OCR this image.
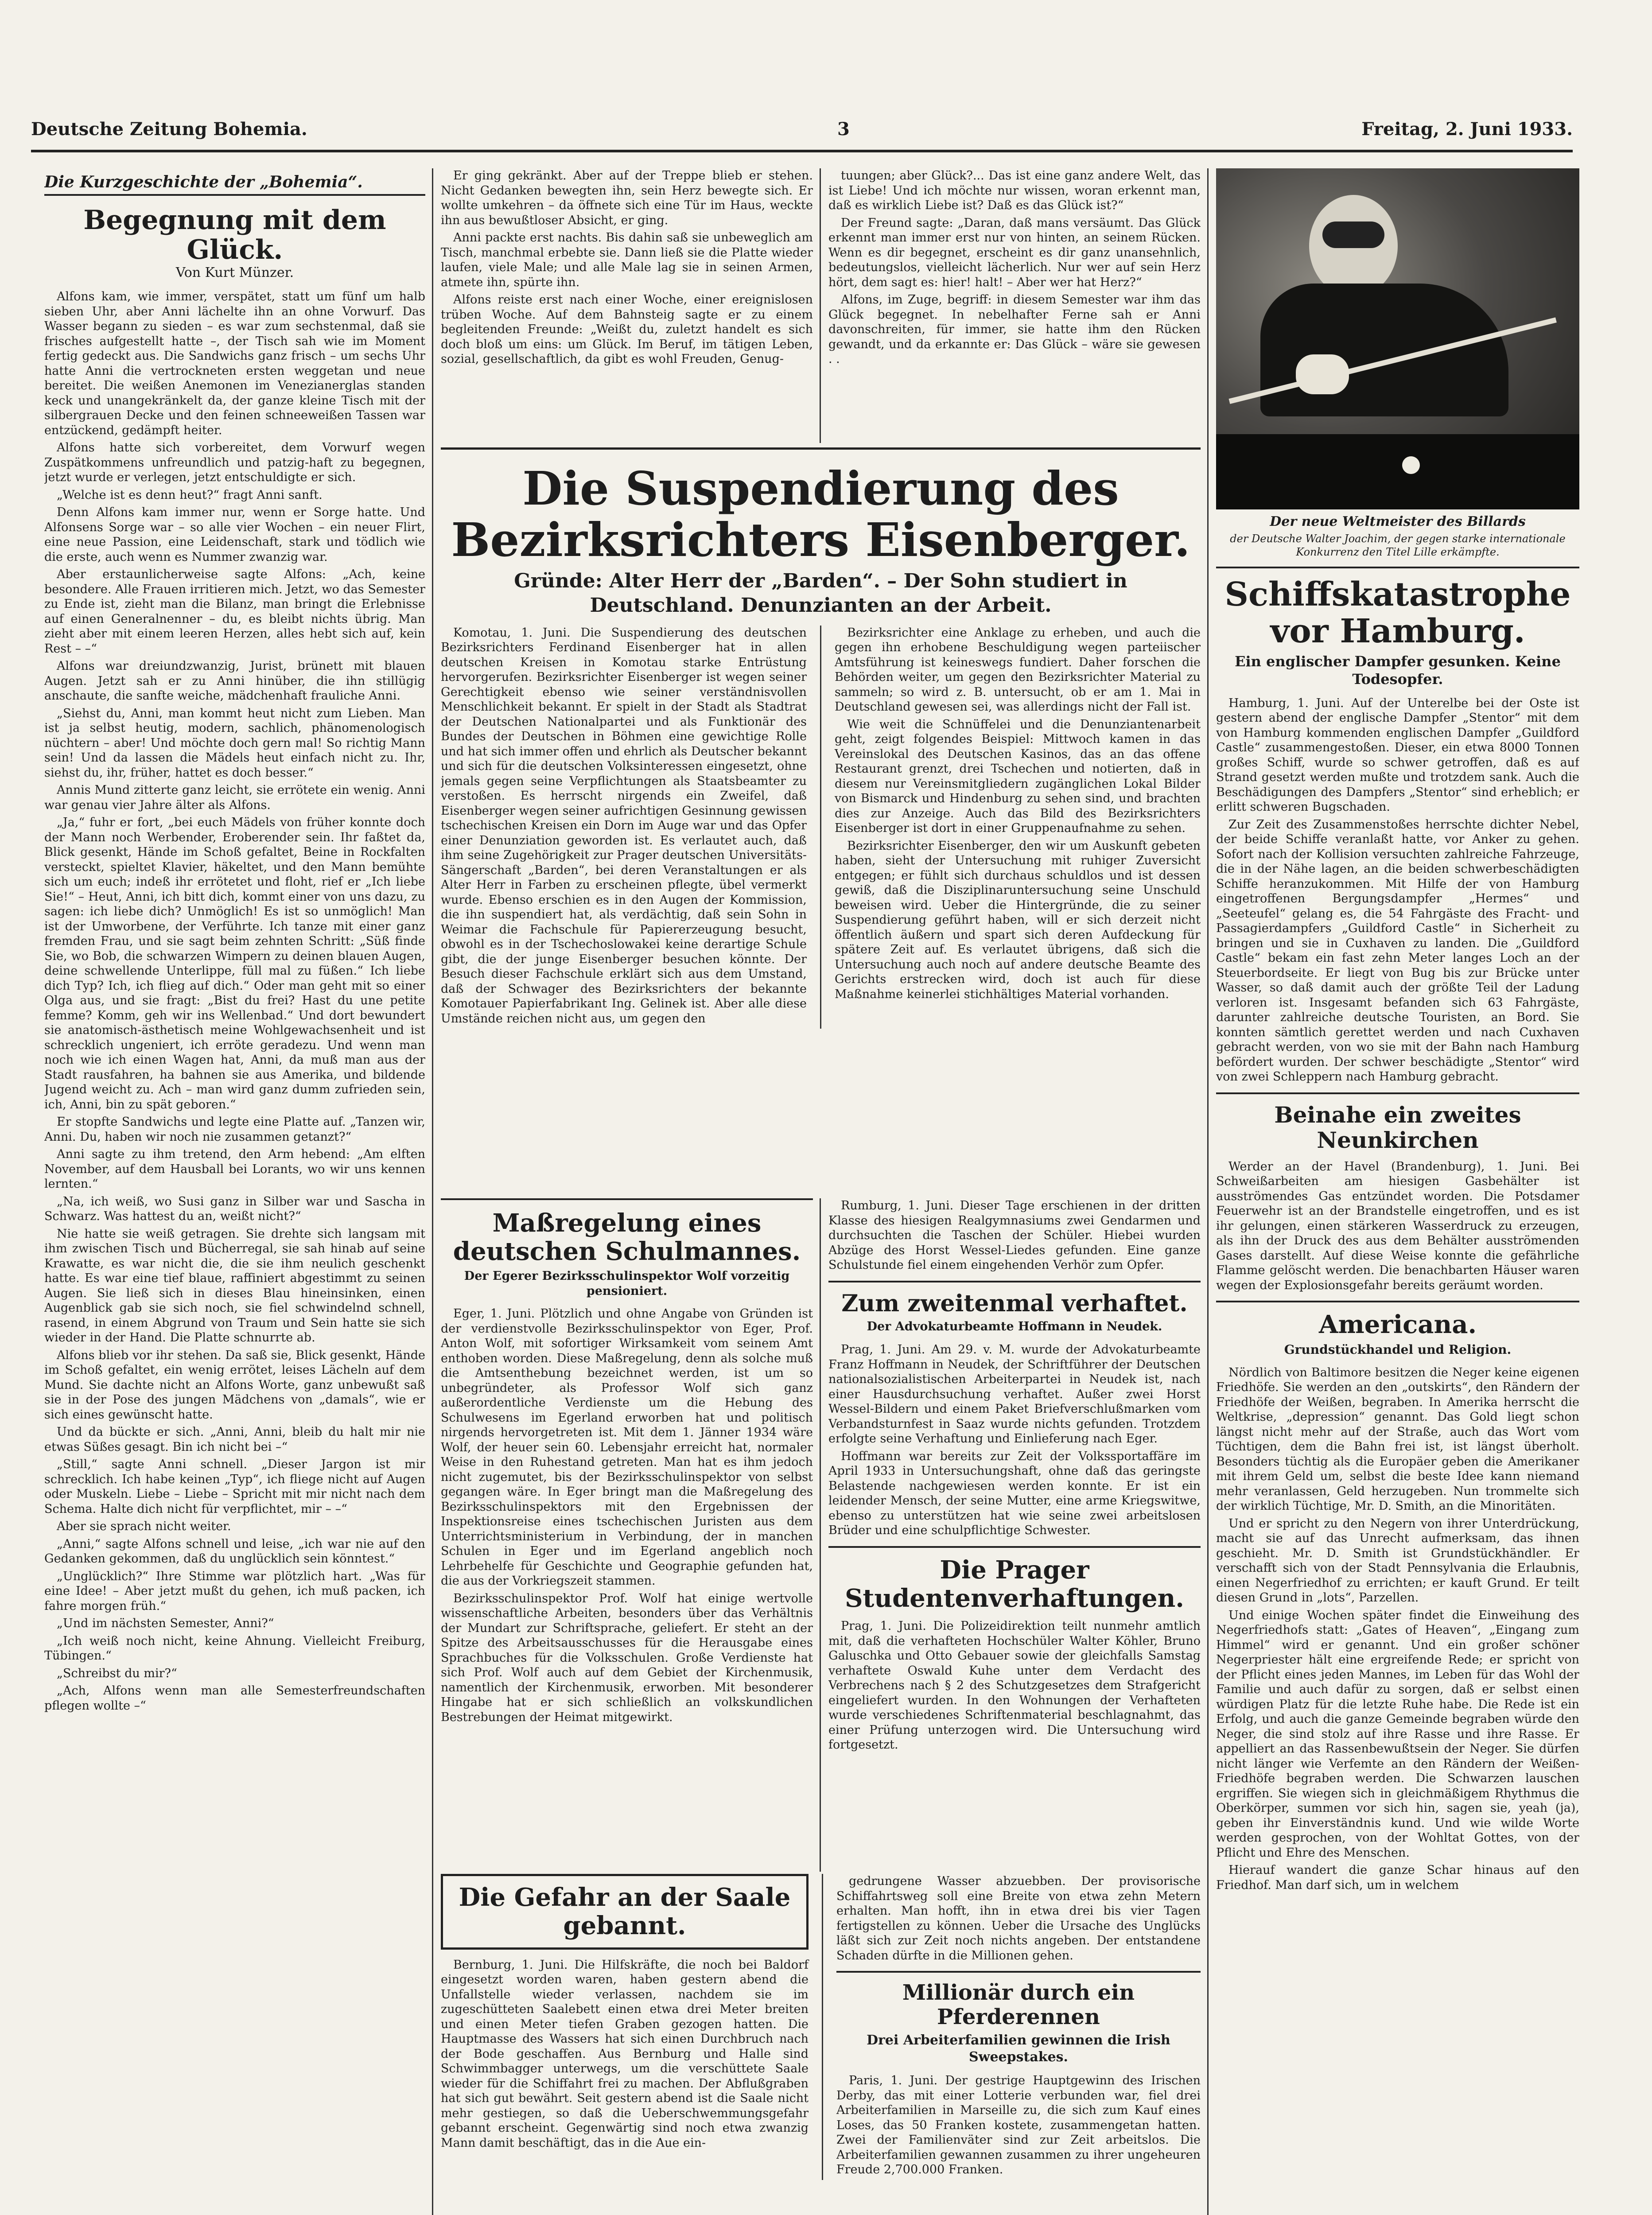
Deutsche Zeitung Bohemia.	3	Freitag, 2. Juni 1933.
Die Kurzgeschichte der „Bohemia“.
Begegnung mit dem Glück.
Von Kurt Münzer.

Alfons kam, wie immer, verspätet, statt um fünf um halb sieben Uhr, aber Anni lächelte ihn an ohne Vorwurf. Das Wasser begann zu sieden – es war zum sechstenmal, daß sie frisches aufgestellt hatte –, der Tisch sah wie im Moment fertig gedeckt aus. Die Sandwichs ganz frisch – um sechs Uhr hatte Anni die vertrockneten ersten weggetan und neue bereitet. Die weißen Anemonen im Venezianerglas standen keck und unangekränkelt da, der ganze kleine Tisch mit der silbergrauen Decke und den feinen schneeweißen Tassen war entzückend, gedämpft heiter.

Alfons hatte sich vorbereitet, dem Vorwurf wegen Zuspätkommens unfreundlich und patzig-haft zu begegnen, jetzt wurde er verlegen, jetzt entschuldigte er sich.

„Welche ist es denn heut?“ fragt Anni sanft.

Denn Alfons kam immer nur, wenn er Sorge hatte. Und Alfonsens Sorge war – so alle vier Wochen – ein neuer Flirt, eine neue Passion, eine Leidenschaft, stark und tödlich wie die erste, auch wenn es Nummer zwanzig war.

Aber erstaunlicherweise sagte Alfons: „Ach, keine besondere. Alle Frauen irritieren mich. Jetzt, wo das Semester zu Ende ist, zieht man die Bilanz, man bringt die Erlebnisse auf einen Generalnenner – du, es bleibt nichts übrig. Man zieht aber mit einem leeren Herzen, alles hebt sich auf, kein Rest – –“

Alfons war dreiundzwanzig, Jurist, brünett mit blauen Augen. Jetzt sah er zu Anni hinüber, die ihn stillügig anschaute, die sanfte weiche, mädchenhaft frauliche Anni.

„Siehst du, Anni, man kommt heut nicht zum Lieben. Man ist ja selbst heutig, modern, sachlich, phänomenologisch nüchtern – aber! Und möchte doch gern mal! So richtig Mann sein! Und da lassen die Mädels heut einfach nicht zu. Ihr, siehst du, ihr, früher, hattet es doch besser.“

Annis Mund zitterte ganz leicht, sie errötete ein wenig. Anni war genau vier Jahre älter als Alfons.

„Ja,“ fuhr er fort, „bei euch Mädels von früher konnte doch der Mann noch Werbender, Eroberender sein. Ihr faßtet da, Blick gesenkt, Hände im Schoß gefaltet, Beine in Rockfalten versteckt, spieltet Klavier, häkeltet, und den Mann bemühte sich um euch; indeß ihr errötetet und floht, rief er „Ich liebe Sie!“ – Heut, Anni, ich bitt dich, kommt einer von uns dazu, zu sagen: ich liebe dich? Unmöglich! Es ist so unmöglich! Man ist der Umworbene, der Verführte. Ich tanze mit einer ganz fremden Frau, und sie sagt beim zehnten Schritt: „Süß finde Sie, wo Bob, die schwarzen Wimpern zu deinen blauen Augen, deine schwellende Unterlippe, füll mal zu füßen.“ Ich liebe dich Typ? Ich, ich flieg auf dich.“ Oder man geht mit so einer Olga aus, und sie fragt: „Bist du frei? Hast du une petite femme? Komm, geh wir ins Wellenbad.“ Und dort bewundert sie anatomisch-ästhetisch meine Wohlgewachsenheit und ist schrecklich ungeniert, ich erröte geradezu. Und wenn man noch wie ich einen Wagen hat, Anni, da muß man aus der Stadt rausfahren, ha bahnen sie aus Amerika, und bildende Jugend weicht zu. Ach – man wird ganz dumm zufrieden sein, ich, Anni, bin zu spät geboren.“

Er stopfte Sandwichs und legte eine Platte auf. „Tanzen wir, Anni. Du, haben wir noch nie zusammen getanzt?“

Anni sagte zu ihm tretend, den Arm hebend: „Am elften November, auf dem Hausball bei Lorants, wo wir uns kennen lernten.“

„Na, ich weiß, wo Susi ganz in Silber war und Sascha in Schwarz. Was hattest du an, weißt nicht?“

Nie hatte sie weiß getragen. Sie drehte sich langsam mit ihm zwischen Tisch und Bücherregal, sie sah hinab auf seine Krawatte, es war nicht die, die sie ihm neulich geschenkt hatte. Es war eine tief blaue, raffiniert abgestimmt zu seinen Augen. Sie ließ sich in dieses Blau hineinsinken, einen Augenblick gab sie sich noch, sie fiel schwindelnd schnell, rasend, in einem Abgrund von Traum und Sein hatte sie sich wieder in der Hand. Die Platte schnurrte ab.

Alfons blieb vor ihr stehen. Da saß sie, Blick gesenkt, Hände im Schoß gefaltet, ein wenig errötet, leises Lächeln auf dem Mund. Sie dachte nicht an Alfons Worte, ganz unbewußt saß sie in der Pose des jungen Mädchens von „damals“, wie er sich eines gewünscht hatte.

Und da bückte er sich. „Anni, Anni, bleib du halt mir nie etwas Süßes gesagt. Bin ich nicht bei –“

„Still,“ sagte Anni schnell. „Dieser Jargon ist mir schrecklich. Ich habe keinen „Typ“, ich fliege nicht auf Augen oder Muskeln. Liebe – Liebe – Spricht mit mir nicht nach dem Schema. Halte dich nicht für verpflichtet, mir – –“

Aber sie sprach nicht weiter.

„Anni,“ sagte Alfons schnell und leise, „ich war nie auf den Gedanken gekommen, daß du unglücklich sein könntest.“

„Unglücklich?“ Ihre Stimme war plötzlich hart. „Was für eine Idee! – Aber jetzt mußt du gehen, ich muß packen, ich fahre morgen früh.“

„Und im nächsten Semester, Anni?“

„Ich weiß noch nicht, keine Ahnung. Vielleicht Freiburg, Tübingen.“

„Schreibst du mir?“

„Ach, Alfons wenn man alle Semesterfreundschaften pflegen wollte –“

Er ging gekränkt. Aber auf der Treppe blieb er stehen. Nicht Gedanken bewegten ihn, sein Herz bewegte sich. Er wollte umkehren – da öffnete sich eine Tür im Haus, weckte ihn aus bewußtloser Absicht, er ging.

Anni packte erst nachts. Bis dahin saß sie unbeweglich am Tisch, manchmal erbebte sie. Dann ließ sie die Platte wieder laufen, viele Male; und alle Male lag sie in seinen Armen, atmete ihn, spürte ihn.

Alfons reiste erst nach einer Woche, einer ereignislosen trüben Woche. Auf dem Bahnsteig sagte er zu einem begleitenden Freunde: „Weißt du, zuletzt handelt es sich doch bloß um eins: um Glück. Im Beruf, im tätigen Leben, sozial, gesellschaftlich, da gibt es wohl Freuden, Genug-

tuungen; aber Glück?... Das ist eine ganz andere Welt, das ist Liebe! Und ich möchte nur wissen, woran erkennt man, daß es wirklich Liebe ist? Daß es das Glück ist?“

Der Freund sagte: „Daran, daß mans versäumt. Das Glück erkennt man immer erst nur von hinten, an seinem Rücken. Wenn es dir begegnet, erscheint es dir ganz unansehnlich, bedeutungslos, vielleicht lächerlich. Nur wer auf sein Herz hört, dem sagt es: hier! halt! – Aber wer hat Herz?“

Alfons, im Zuge, begriff: in diesem Semester war ihm das Glück begegnet. In nebelhafter Ferne sah er Anni davonschreiten, für immer, sie hatte ihm den Rücken gewandt, und da erkannte er: Das Glück – wäre sie gewesen . .

Die Suspendierung des Bezirksrichters Eisenberger.
Gründe: Alter Herr der „Barden“. – Der Sohn studiert in Deutschland. Denunzianten an der Arbeit.

Komotau, 1. Juni. Die Suspendierung des deutschen Bezirksrichters Ferdinand Eisenberger hat in allen deutschen Kreisen in Komotau starke Entrüstung hervorgerufen. Bezirksrichter Eisenberger ist wegen seiner Gerechtigkeit ebenso wie seiner verständnisvollen Menschlichkeit bekannt. Er spielt in der Stadt als Stadtrat der Deutschen Nationalpartei und als Funktionär des Bundes der Deutschen in Böhmen eine gewichtige Rolle und hat sich immer offen und ehrlich als Deutscher bekannt und sich für die deutschen Volksinteressen eingesetzt, ohne jemals gegen seine Verpflichtungen als Staatsbeamter zu verstoßen. Es herrscht nirgends ein Zweifel, daß Eisenberger wegen seiner aufrichtigen Gesinnung gewissen tschechischen Kreisen ein Dorn im Auge war und das Opfer einer Denunziation geworden ist. Es verlautet auch, daß ihm seine Zugehörigkeit zur Prager deutschen Universitäts-Sängerschaft „Barden“, bei deren Veranstaltungen er als Alter Herr in Farben zu erscheinen pflegte, übel vermerkt wurde. Ebenso erschien es in den Augen der Kommission, die ihn suspendiert hat, als verdächtig, daß sein Sohn in Weimar die Fachschule für Papiererzeugung besucht, obwohl es in der Tschechoslowakei keine derartige Schule gibt, die der junge Eisenberger besuchen könnte. Der Besuch dieser Fachschule erklärt sich aus dem Umstand, daß der Schwager des Bezirksrichters der bekannte Komotauer Papierfabrikant Ing. Gelinek ist. Aber alle diese Umstände reichen nicht aus, um gegen den

Bezirksrichter eine Anklage zu erheben, und auch die gegen ihn erhobene Beschuldigung wegen parteiischer Amtsführung ist keineswegs fundiert. Daher forschen die Behörden weiter, um gegen den Bezirksrichter Material zu sammeln; so wird z. B. untersucht, ob er am 1. Mai in Deutschland gewesen sei, was allerdings nicht der Fall ist.

Wie weit die Schnüffelei und die Denunziantenarbeit geht, zeigt folgendes Beispiel: Mittwoch kamen in das Vereinslokal des Deutschen Kasinos, das an das offene Restaurant grenzt, drei Tschechen und notierten, daß in diesem nur Vereinsmitgliedern zugänglichen Lokal Bilder von Bismarck und Hindenburg zu sehen sind, und brachten dies zur Anzeige. Auch das Bild des Bezirksrichters Eisenberger ist dort in einer Gruppenaufnahme zu sehen.

Bezirksrichter Eisenberger, den wir um Auskunft gebeten haben, sieht der Untersuchung mit ruhiger Zuversicht entgegen; er fühlt sich durchaus schuldlos und ist dessen gewiß, daß die Disziplinaruntersuchung seine Unschuld beweisen wird. Ueber die Hintergründe, die zu seiner Suspendierung geführt haben, will er sich derzeit nicht öffentlich äußern und spart sich deren Aufdeckung für spätere Zeit auf. Es verlautet übrigens, daß sich die Untersuchung auch noch auf andere deutsche Beamte des Gerichts erstrecken wird, doch ist auch für diese Maßnahme keinerlei stichhältiges Material vorhanden.

Maßregelung eines deutschen Schulmannes.
Der Egerer Bezirksschulinspektor Wolf vorzeitig pensioniert.

Eger, 1. Juni. Plötzlich und ohne Angabe von Gründen ist der verdienstvolle Bezirksschulinspektor von Eger, Prof. Anton Wolf, mit sofortiger Wirksamkeit vom seinem Amt enthoben worden. Diese Maßregelung, denn als solche muß die Amtsenthebung bezeichnet werden, ist um so unbegründeter, als Professor Wolf sich ganz außerordentliche Verdienste um die Hebung des Schulwesens im Egerland erworben hat und politisch nirgends hervorgetreten ist. Mit dem 1. Jänner 1934 wäre Wolf, der heuer sein 60. Lebensjahr erreicht hat, normaler Weise in den Ruhestand getreten. Man hat es ihm jedoch nicht zugemutet, bis der Bezirksschulinspektor von selbst gegangen wäre. In Eger bringt man die Maßregelung des Bezirksschulinspektors mit den Ergebnissen der Inspektionsreise eines tschechischen Juristen aus dem Unterrichtsministerium in Verbindung, der in manchen Schulen in Eger und im Egerland angeblich noch Lehrbehelfe für Geschichte und Geographie gefunden hat, die aus der Vorkriegszeit stammen.

Bezirksschulinspektor Prof. Wolf hat einige wertvolle wissenschaftliche Arbeiten, besonders über das Verhältnis der Mundart zur Schriftsprache, geliefert. Er steht an der Spitze des Arbeitsausschusses für die Herausgabe eines Sprachbuches für die Volksschulen. Große Verdienste hat sich Prof. Wolf auch auf dem Gebiet der Kirchenmusik, namentlich der Kirchenmusik, erworben. Mit besonderer Hingabe hat er sich schließlich an volkskundlichen Bestrebungen der Heimat mitgewirkt.

Rumburg, 1. Juni. Dieser Tage erschienen in der dritten Klasse des hiesigen Realgymnasiums zwei Gendarmen und durchsuchten die Taschen der Schüler. Hiebei wurden Abzüge des Horst Wessel-Liedes gefunden. Eine ganze Schulstunde fiel einem eingehenden Verhör zum Opfer.

Zum zweitenmal verhaftet.
Der Advokaturbeamte Hoffmann in Neudek.

Prag, 1. Juni. Am 29. v. M. wurde der Advokaturbeamte Franz Hoffmann in Neudek, der Schriftführer der Deutschen nationalsozialistischen Arbeiterpartei in Neudek ist, nach einer Hausdurchsuchung verhaftet. Außer zwei Horst Wessel-Bildern und einem Paket Briefverschlußmarken vom Verbandsturnfest in Saaz wurde nichts gefunden. Trotzdem erfolgte seine Verhaftung und Einlieferung nach Eger.

Hoffmann war bereits zur Zeit der Volkssportaffäre im April 1933 in Untersuchungshaft, ohne daß das geringste Belastende nachgewiesen werden konnte. Er ist ein leidender Mensch, der seine Mutter, eine arme Kriegswitwe, ebenso zu unterstützen hat wie seine zwei arbeitslosen Brüder und eine schulpflichtige Schwester.

Die Prager Studentenverhaftungen.

Prag, 1. Juni. Die Polizeidirektion teilt nunmehr amtlich mit, daß die verhafteten Hochschüler Walter Köhler, Bruno Galuschka und Otto Gebauer sowie der gleichfalls Samstag verhaftete Oswald Kuhe unter dem Verdacht des Verbrechens nach § 2 des Schutzgesetzes dem Strafgericht eingeliefert wurden. In den Wohnungen der Verhafteten wurde verschiedenes Schriftenmaterial beschlagnahmt, das einer Prüfung unterzogen wird. Die Untersuchung wird fortgesetzt.

Die Gefahr an der Saale gebannt.

Bernburg, 1. Juni. Die Hilfskräfte, die noch bei Baldorf eingesetzt worden waren, haben gestern abend die Unfallstelle wieder verlassen, nachdem sie im zugeschütteten Saalebett einen etwa drei Meter breiten und einen Meter tiefen Graben gezogen hatten. Die Hauptmasse des Wassers hat sich einen Durchbruch nach der Bode geschaffen. Aus Bernburg und Halle sind Schwimmbagger unterwegs, um die verschüttete Saale wieder für die Schiffahrt frei zu machen. Der Abflußgraben hat sich gut bewährt. Seit gestern abend ist die Saale nicht mehr gestiegen, so daß die Ueberschwemmungsgefahr gebannt erscheint. Gegenwärtig sind noch etwa zwanzig Mann damit beschäftigt, das in die Aue ein-

gedrungene Wasser abzuebben. Der provisorische Schiffahrtsweg soll eine Breite von etwa zehn Metern erhalten. Man hofft, ihn in etwa drei bis vier Tagen fertigstellen zu können. Ueber die Ursache des Unglücks läßt sich zur Zeit noch nichts angeben. Der entstandene Schaden dürfte in die Millionen gehen.

Millionär durch ein Pferderennen
Drei Arbeiterfamilien gewinnen die Irish Sweepstakes.

Paris, 1. Juni. Der gestrige Hauptgewinn des Irischen Derby, das mit einer Lotterie verbunden war, fiel drei Arbeiterfamilien in Marseille zu, die sich zum Kauf eines Loses, das 50 Franken kostete, zusammengetan hatten. Zwei der Familienväter sind zur Zeit arbeitslos. Die Arbeiterfamilien gewannen zusammen zu ihrer ungeheuren Freude 2,700.000 Franken.

Der neue Weltmeister des Billards
der Deutsche Walter Joachim, der gegen starke internationale Konkurrenz den Titel Lille erkämpfte.
Schiffskatastrophe vor Hamburg.
Ein englischer Dampfer gesunken. Keine Todesopfer.

Hamburg, 1. Juni. Auf der Unterelbe bei der Oste ist gestern abend der englische Dampfer „Stentor“ mit dem von Hamburg kommenden englischen Dampfer „Guildford Castle“ zusammengestoßen. Dieser, ein etwa 8000 Tonnen großes Schiff, wurde so schwer getroffen, daß es auf Strand gesetzt werden mußte und trotzdem sank. Auch die Beschädigungen des Dampfers „Stentor“ sind erheblich; er erlitt schweren Bugschaden.

Zur Zeit des Zusammenstoßes herrschte dichter Nebel, der beide Schiffe veranlaßt hatte, vor Anker zu gehen. Sofort nach der Kollision versuchten zahlreiche Fahrzeuge, die in der Nähe lagen, an die beiden schwerbeschädigten Schiffe heranzukommen. Mit Hilfe der von Hamburg eingetroffenen Bergungsdampfer „Hermes“ und „Seeteufel“ gelang es, die 54 Fahrgäste des Fracht- und Passagierdampfers „Guildford Castle“ in Sicherheit zu bringen und sie in Cuxhaven zu landen. Die „Guildford Castle“ bekam ein fast zehn Meter langes Loch an der Steuerbordseite. Er liegt von Bug bis zur Brücke unter Wasser, so daß damit auch der größte Teil der Ladung verloren ist. Insgesamt befanden sich 63 Fahrgäste, darunter zahlreiche deutsche Touristen, an Bord. Sie konnten sämtlich gerettet werden und nach Cuxhaven gebracht werden, von wo sie mit der Bahn nach Hamburg befördert wurden. Der schwer beschädigte „Stentor“ wird von zwei Schleppern nach Hamburg gebracht.

Beinahe ein zweites Neunkirchen

Werder an der Havel (Brandenburg), 1. Juni. Bei Schweißarbeiten am hiesigen Gasbehälter ist ausströmendes Gas entzündet worden. Die Potsdamer Feuerwehr ist an der Brandstelle eingetroffen, und es ist ihr gelungen, einen stärkeren Wasserdruck zu erzeugen, als ihn der Druck des aus dem Behälter ausströmenden Gases darstellt. Auf diese Weise konnte die gefährliche Flamme gelöscht werden. Die benachbarten Häuser waren wegen der Explosionsgefahr bereits geräumt worden.

Americana.
Grundstückhandel und Religion.

Nördlich von Baltimore besitzen die Neger keine eigenen Friedhöfe. Sie werden an den „outskirts“, den Rändern der Friedhöfe der Weißen, begraben. In Amerika herrscht die Weltkrise, „depression“ genannt. Das Gold liegt schon längst nicht mehr auf der Straße, auch das Wort vom Tüchtigen, dem die Bahn frei ist, ist längst überholt. Besonders tüchtig als die Europäer geben die Amerikaner mit ihrem Geld um, selbst die beste Idee kann niemand mehr veranlassen, Geld herzugeben. Nun trommelte sich der wirklich Tüchtige, Mr. D. Smith, an die Minoritäten.

Und er spricht zu den Negern von ihrer Unterdrückung, macht sie auf das Unrecht aufmerksam, das ihnen geschieht. Mr. D. Smith ist Grundstückhändler. Er verschafft sich von der Stadt Pennsylvania die Erlaubnis, einen Negerfriedhof zu errichten; er kauft Grund. Er teilt diesen Grund in „lots“, Parzellen.

Und einige Wochen später findet die Einweihung des Negerfriedhofs statt: „Gates of Heaven“, „Eingang zum Himmel“ wird er genannt. Und ein großer schöner Negerpriester hält eine ergreifende Rede; er spricht von der Pflicht eines jeden Mannes, im Leben für das Wohl der Familie und auch dafür zu sorgen, daß er selbst einen würdigen Platz für die letzte Ruhe habe. Die Rede ist ein Erfolg, und auch die ganze Gemeinde begraben würde den Neger, die sind stolz auf ihre Rasse und ihre Rasse. Er appelliert an das Rassenbewußtsein der Neger. Sie dürfen nicht länger wie Verfemte an den Rändern der Weißen-Friedhöfe begraben werden. Die Schwarzen lauschen ergriffen. Sie wiegen sich in gleichmäßigem Rhythmus die Oberkörper, summen vor sich hin, sagen sie, yeah (ja), geben ihr Einverständnis kund. Und wie wilde Worte werden gesprochen, von der Wohltat Gottes, von der Pflicht und Ehre des Menschen.

Hierauf wandert die ganze Schar hinaus auf den Friedhof. Man darf sich, um in welchem
